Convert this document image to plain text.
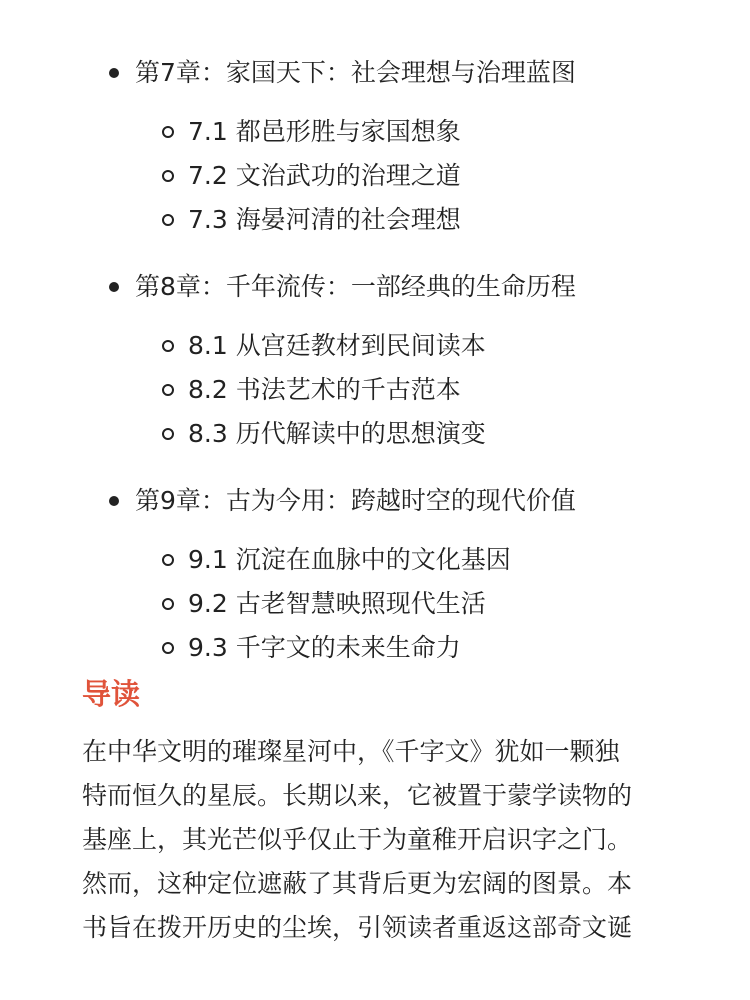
第7章：家国天下：社会理想与治理蓝图
7.1 都邑形胜与家国想象
7.2 文治武功的治理之道
7.3 海晏河清的社会理想
第8章：千年流传：一部经典的生命历程
8.1 从宫廷教材到民间读本
8.2 书法艺术的千古范本
8.3 历代解读中的思想演变
第9章：古为今用：跨越时空的现代价值
9.1 沉淀在血脉中的文化基因
9.2 古老智慧映照现代生活
9.3 千字文的未来生命力
导读

在中华文明的璀璨星河中，《千字文》犹如一颗独
特而恒久的星辰。长期以来，它被置于蒙学读物的
基座上，其光芒似乎仅止于为童稚开启识字之门。
然而，这种定位遮蔽了其背后更为宏阔的图景。本
书旨在拨开历史的尘埃，引领读者重返这部奇文诞
